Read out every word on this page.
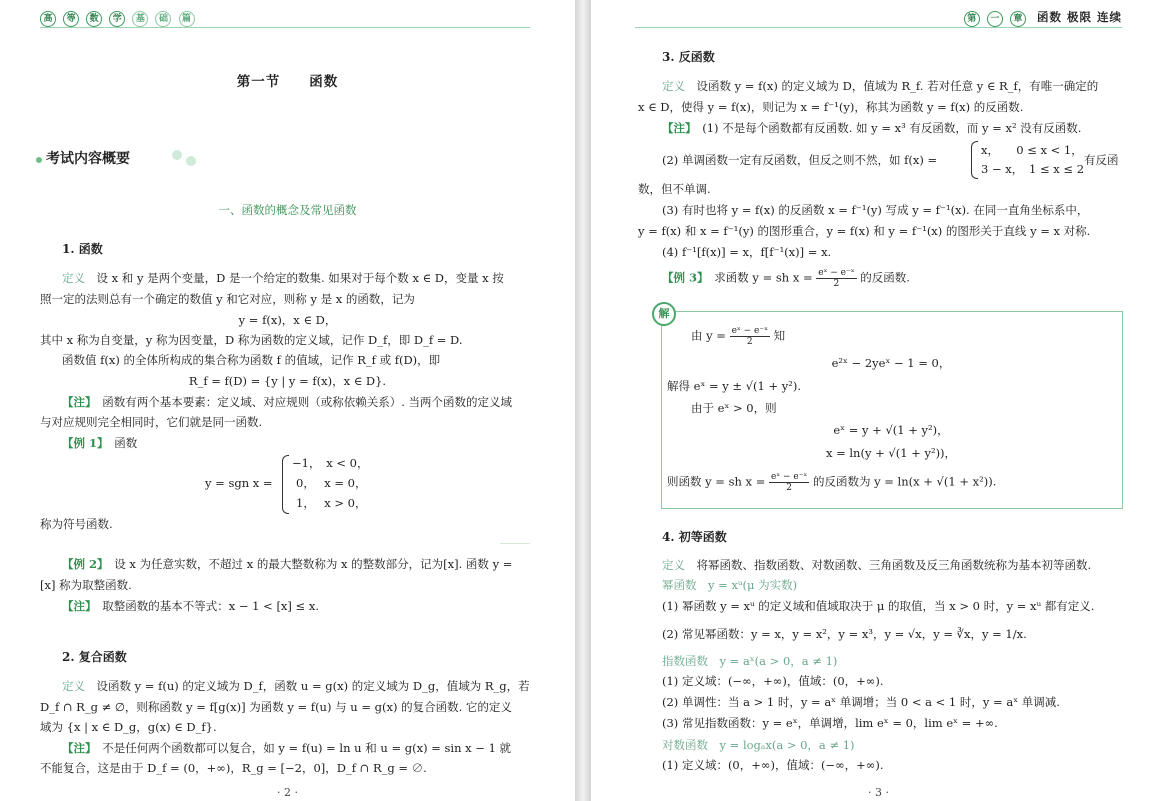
高 等 数 学 基 础 篇
第一节　　函数
考试内容概要
一、函数的概念及常见函数
1. 函数
定义　 设 x 和 y 是两个变量，D 是一个给定的数集. 如果对于每个数 x ∈ D，变量 x 按
照一定的法则总有一个确定的数值 y 和它对应，则称 y 是 x 的函数，记为
y = f(x)，x ∈ D，
其中 x 称为自变量，y 称为因变量，D 称为函数的定义域，记作 D_f，即 D_f = D.
函数值 f(x) 的全体所构成的集合称为函数 f 的值域，记作 R_f 或 f(D)，即
R_f = f(D) = {y | y = f(x)，x ∈ D}.
【注】　 函数有两个基本要素：定义域、对应规则（或称依赖关系）. 当两个函数的定义域
与对应规则完全相同时，它们就是同一函数.
【例 1】　 函数
y = sgn x =
−1，　x < 0，
0，　 x = 0，
1，　 x > 0，
称为符号函数.
【例 2】　 设 x 为任意实数，不超过 x 的最大整数称为 x 的整数部分，记为[x]. 函数 y =
[x] 称为取整函数.
【注】　 取整函数的基本不等式：x − 1 < [x] ≤ x.
2. 复合函数
定义　 设函数 y = f(u) 的定义域为 D_f，函数 u = g(x) 的定义域为 D_g，值域为 R_g，若
D_f ∩ R_g ≠ ∅，则称函数 y = f[g(x)] 为函数 y = f(u) 与 u = g(x) 的复合函数. 它的定义
域为 {x | x ∈ D_g，g(x) ∈ D_f}.
【注】　 不是任何两个函数都可以复合，如 y = f(u) = ln u 和 u = g(x) = sin x − 1 就
不能复合，这是由于 D_f = (0，+∞)，R_g = [−2，0]，D_f ∩ R_g = ∅.
· 2 ·
第 一 章 函数 极限 连续
3. 反函数
定义　 设函数 y = f(x) 的定义域为 D，值域为 R_f. 若对任意 y ∈ R_f，有唯一确定的
x ∈ D，使得 y = f(x)，则记为 x = f⁻¹(y)，称其为函数 y = f(x) 的反函数.
【注】　 (1) 不是每个函数都有反函数. 如 y = x³ 有反函数，而 y = x² 没有反函数.
(2) 单调函数一定有反函数，但反之则不然，如 f(x) =
x，　　0 ≤ x < 1，
3 − x，　1 ≤ x ≤ 2
有反函
数，但不单调.
(3) 有时也将 y = f(x) 的反函数 x = f⁻¹(y) 写成 y = f⁻¹(x). 在同一直角坐标系中，
y = f(x) 和 x = f⁻¹(y) 的图形重合，y = f(x) 和 y = f⁻¹(x) 的图形关于直线 y = x 对称.
(4) f⁻¹[f(x)] = x，f[f⁻¹(x)] = x.
【例 3】　 求函数 y = sh $x = \frac{\text{eˣ − e⁻ˣ}}{2}$ 的反函数.
解
由 $y = \frac{\text{eˣ − e⁻ˣ}}{2}$ 知
e²ˣ − 2yeˣ − 1 = 0，
解得 eˣ = y ± √(1 + y²).
由于 eˣ > 0，则
eˣ = y + √(1 + y²)，
x = ln(y + √(1 + y²))，
则函数 y = sh $x = \frac{\text{eˣ − e⁻ˣ}}{2}$ 的反函数为 y = ln(x + √(1 + x²)).
4. 初等函数
定义　 将幂函数、指数函数、对数函数、三角函数及反三角函数统称为基本初等函数.
幂函数　y = xᵘ(μ 为实数)
(1) 幂函数 y = xᵘ 的定义域和值域取决于 μ 的取值，当 x > 0 时，y = xᵘ 都有定义.
(2) 常见幂函数：y = x，y = x²，y = x³，y = √x，y = ∛x，y = 1/x.
指数函数　y = aˣ(a > 0，a ≠ 1)
(1) 定义域：(−∞，+∞)，值域：(0，+∞).
(2) 单调性：当 a > 1 时，y = aˣ 单调增；当 0 < a < 1 时，y = aˣ 单调减.
(3) 常见指数函数：y = eˣ，单调增，lim eˣ = 0，lim eˣ = +∞.
对数函数　y = logₐx(a > 0，a ≠ 1)
(1) 定义域：(0，+∞)，值域：(−∞，+∞).
· 3 ·
